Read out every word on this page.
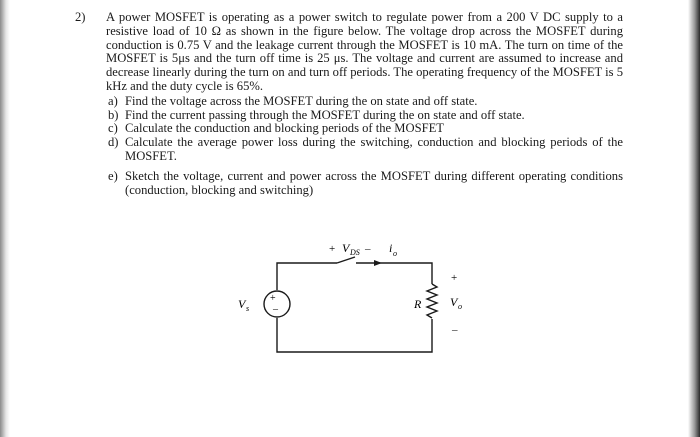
2) A power MOSFET is operating as a power switch to regulate power from a 200 V DC supply to a resistive load of 10 Ω as shown in the figure below. The voltage drop across the MOSFET during conduction is 0.75 V and the leakage current through the MOSFET is 10 mA. The turn on time of the MOSFET is 5μs and the turn off time is 25 μs. The voltage and current are assumed to increase and decrease linearly during the turn on and turn off periods. The operating frequency of the MOSFET is 5 kHz and the duty cycle is 65%.
a) Find the voltage across the MOSFET during the on state and off state.
b) Find the current passing through the MOSFET during the on state and off state.
c) Calculate the conduction and blocking periods of the MOSFET
d) Calculate the average power loss during the switching, conduction and blocking periods of the MOSFET.
e) Sketch the voltage, current and power across the MOSFET during different operating conditions (conduction, blocking and switching)
+ V DS – i o
+
–
V s	R
+
V o
–
